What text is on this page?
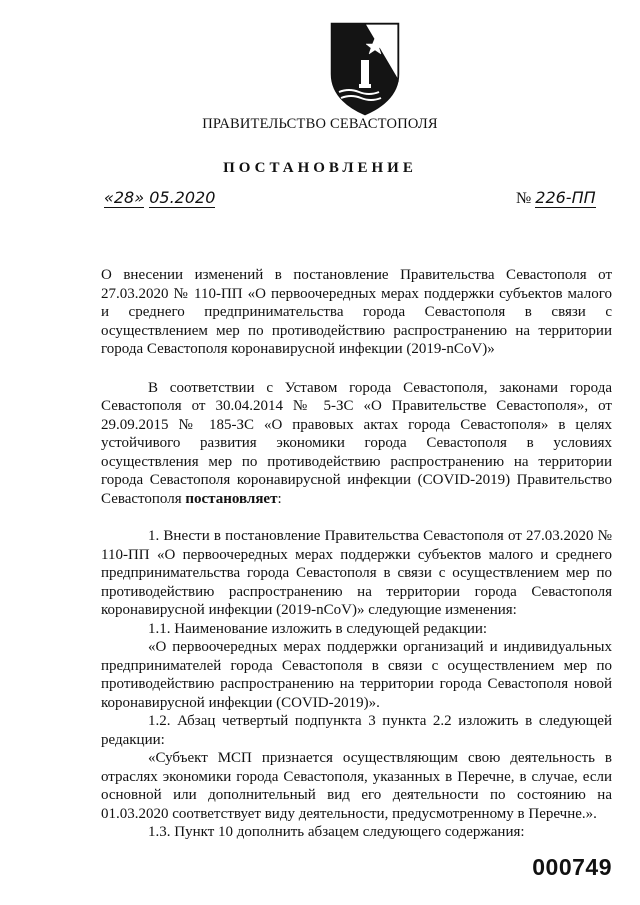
ПРАВИТЕЛЬСТВО СЕВАСТОПОЛЯ
ПОСТАНОВЛЕНИЕ
«28» 05.2020	№ 226-ПП

О внесении изменений в постановление Правительства Севастополя от 27.03.2020 № 110-ПП «О первоочередных мерах поддержки субъектов малого и среднего предпринимательства города Севастополя в связи с осуществлением мер по противодействию распространению на территории города Севастополя коронавирусной инфекции (2019-nCoV)»

В соответствии с Уставом города Севастополя, законами города Севастополя от 30.04.2014 № 5-ЗС «О Правительстве Севастополя», от 29.09.2015 № 185-ЗС «О правовых актах города Севастополя» в целях устойчивого развития экономики города Севастополя в условиях осуществления мер по противодействию распространению на территории города Севастополя коронавирусной инфекции (COVID-2019) Правительство Севастополя постановляет:

1. Внести в постановление Правительства Севастополя от 27.03.2020 № 110-ПП «О первоочередных мерах поддержки субъектов малого и среднего предпринимательства города Севастополя в связи с осуществлением мер по противодействию распространению на территории города Севастополя коронавирусной инфекции (2019-nCoV)» следующие изменения:

1.1. Наименование изложить в следующей редакции:

«О первоочередных мерах поддержки организаций и индивидуальных предпринимателей города Севастополя в связи с осуществлением мер по противодействию распространению на территории города Севастополя новой коронавирусной инфекции (COVID-2019)».

1.2. Абзац четвертый подпункта 3 пункта 2.2 изложить в следующей редакции:

«Субъект МСП признается осуществляющим свою деятельность в отраслях экономики города Севастополя, указанных в Перечне, в случае, если основной или дополнительный вид его деятельности по состоянию на 01.03.2020 соответствует виду деятельности, предусмотренному в Перечне.».

1.3. Пункт 10 дополнить абзацем следующего содержания:

000749
